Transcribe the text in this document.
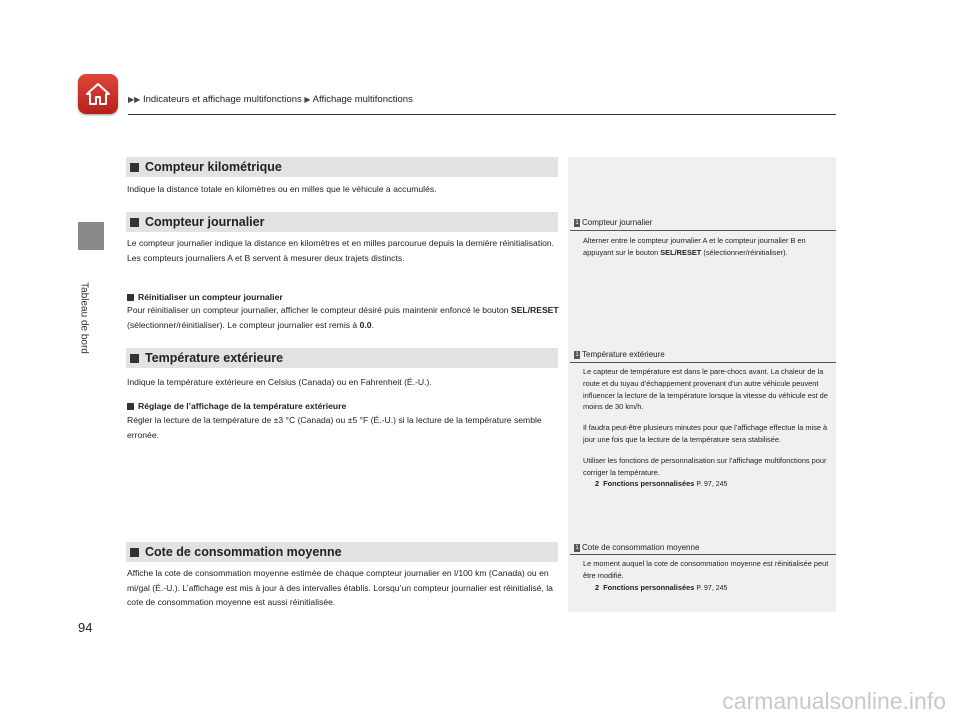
▶▶ Indicateurs et affichage multifonctions ▶ Affichage multifonctions
Tableau de bord
94
Compteur kilométrique
Indique la distance totale en kilomètres ou en milles que le véhicule a accumulés.
Compteur journalier
Le compteur journalier indique la distance en kilomètres et en milles parcourue depuis la dernière réinitialisation. Les compteurs journaliers A et B servent à mesurer deux trajets distincts.
Réinitialiser un compteur journalier
Pour réinitialiser un compteur journalier, afficher le compteur désiré puis maintenir enfoncé le bouton SEL/RESET (sélectionner/réinitialiser). Le compteur journalier est remis à 0.0.
1 Compteur journalier
Alterner entre le compteur journalier A et le compteur journalier B en appuyant sur le bouton SEL/RESET (sélectionner/réinitialiser).
Température extérieure
Indique la température extérieure en Celsius (Canada) ou en Fahrenheit (É.-U.).
Réglage de l’affichage de la température extérieure
Régler la lecture de la température de ±3 °C (Canada) ou ±5 °F (É.-U.) si la lecture de la température semble erronée.
1 Température extérieure
Le capteur de température est dans le pare-chocs avant. La chaleur de la route et du tuyau d’échappement provenant d’un autre véhicule peuvent influencer la lecture de la température lorsque la vitesse du véhicule est de moins de 30 km/h.
Il faudra peut-être plusieurs minutes pour que l’affichage effectue la mise à jour une fois que la lecture de la température sera stabilisée.
Utiliser les fonctions de personnalisation sur l’affichage multifonctions pour corriger la température.
2 Fonctions personnalisées P. 97, 245
Cote de consommation moyenne
Affiche la cote de consommation moyenne estimée de chaque compteur journalier en l/100 km (Canada) ou en mi/gal (É.-U.). L’affichage est mis à jour à des intervalles établis. Lorsqu’un compteur journalier est réinitialisé, la cote de consommation moyenne est aussi réinitialisée.
1 Cote de consommation moyenne
Le moment auquel la cote de consommation moyenne est réinitialisée peut être modifié.
2 Fonctions personnalisées P. 97, 245
carmanualsonline.info
